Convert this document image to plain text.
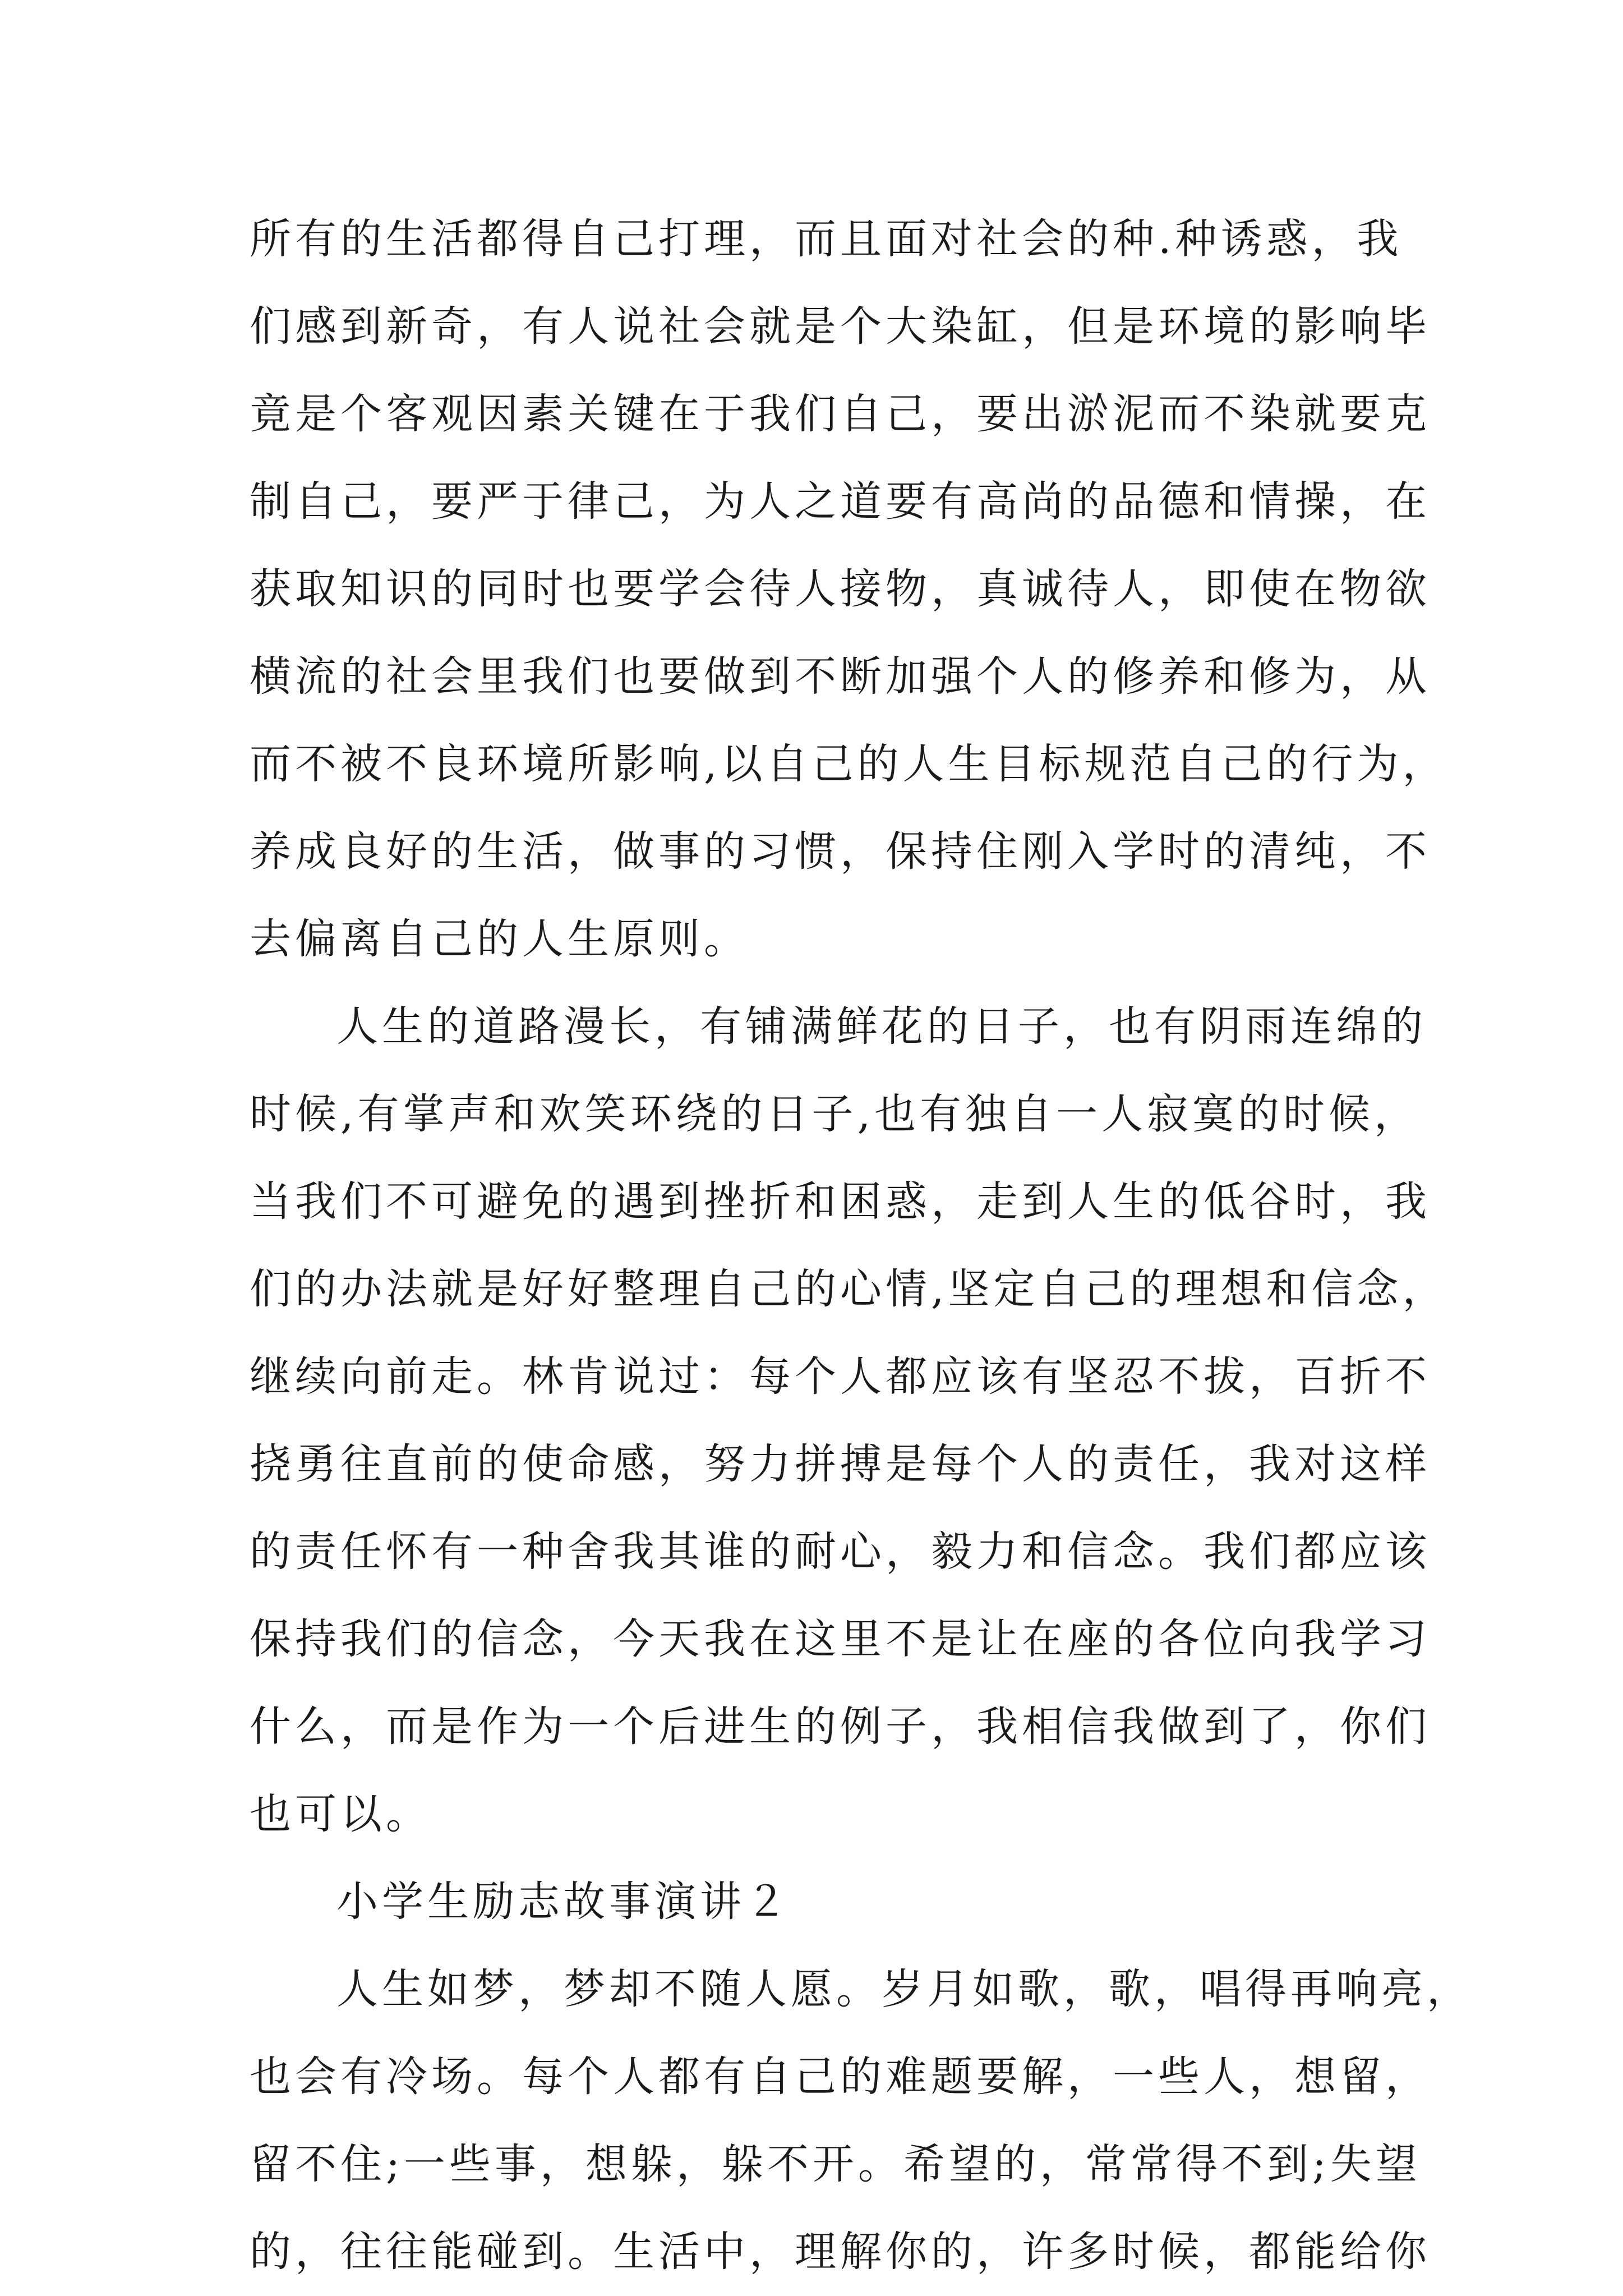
所有的生活都得自己打理，而且面对社会的种.种诱惑，我
们感到新奇，有人说社会就是个大染缸，但是环境的影响毕
竟是个客观因素关键在于我们自己，要出淤泥而不染就要克
制自己，要严于律己，为人之道要有高尚的品德和情操，在
获取知识的同时也要学会待人接物，真诚待人，即使在物欲
横流的社会里我们也要做到不断加强个人的修养和修为，从
而不被不良环境所影响,以自己的人生目标规范自己的行为，
养成良好的生活，做事的习惯，保持住刚入学时的清纯，不
去偏离自己的人生原则。
人生的道路漫长，有铺满鲜花的日子，也有阴雨连绵的
时候,有掌声和欢笑环绕的日子,也有独自一人寂寞的时候，
当我们不可避免的遇到挫折和困惑，走到人生的低谷时，我
们的办法就是好好整理自己的心情,坚定自己的理想和信念，
继续向前走。林肯说过：每个人都应该有坚忍不拔，百折不
挠勇往直前的使命感，努力拼搏是每个人的责任，我对这样
的责任怀有一种舍我其谁的耐心，毅力和信念。我们都应该
保持我们的信念，今天我在这里不是让在座的各位向我学习
什么，而是作为一个后进生的例子，我相信我做到了，你们
也可以。
小学生励志故事演讲２
人生如梦，梦却不随人愿。岁月如歌，歌，唱得再响亮，
也会有冷场。每个人都有自己的难题要解，一些人，想留，
留不住;一些事，想躲，躲不开。希望的，常常得不到;失望
的，往往能碰到。生活中，理解你的，许多时候，都能给你
